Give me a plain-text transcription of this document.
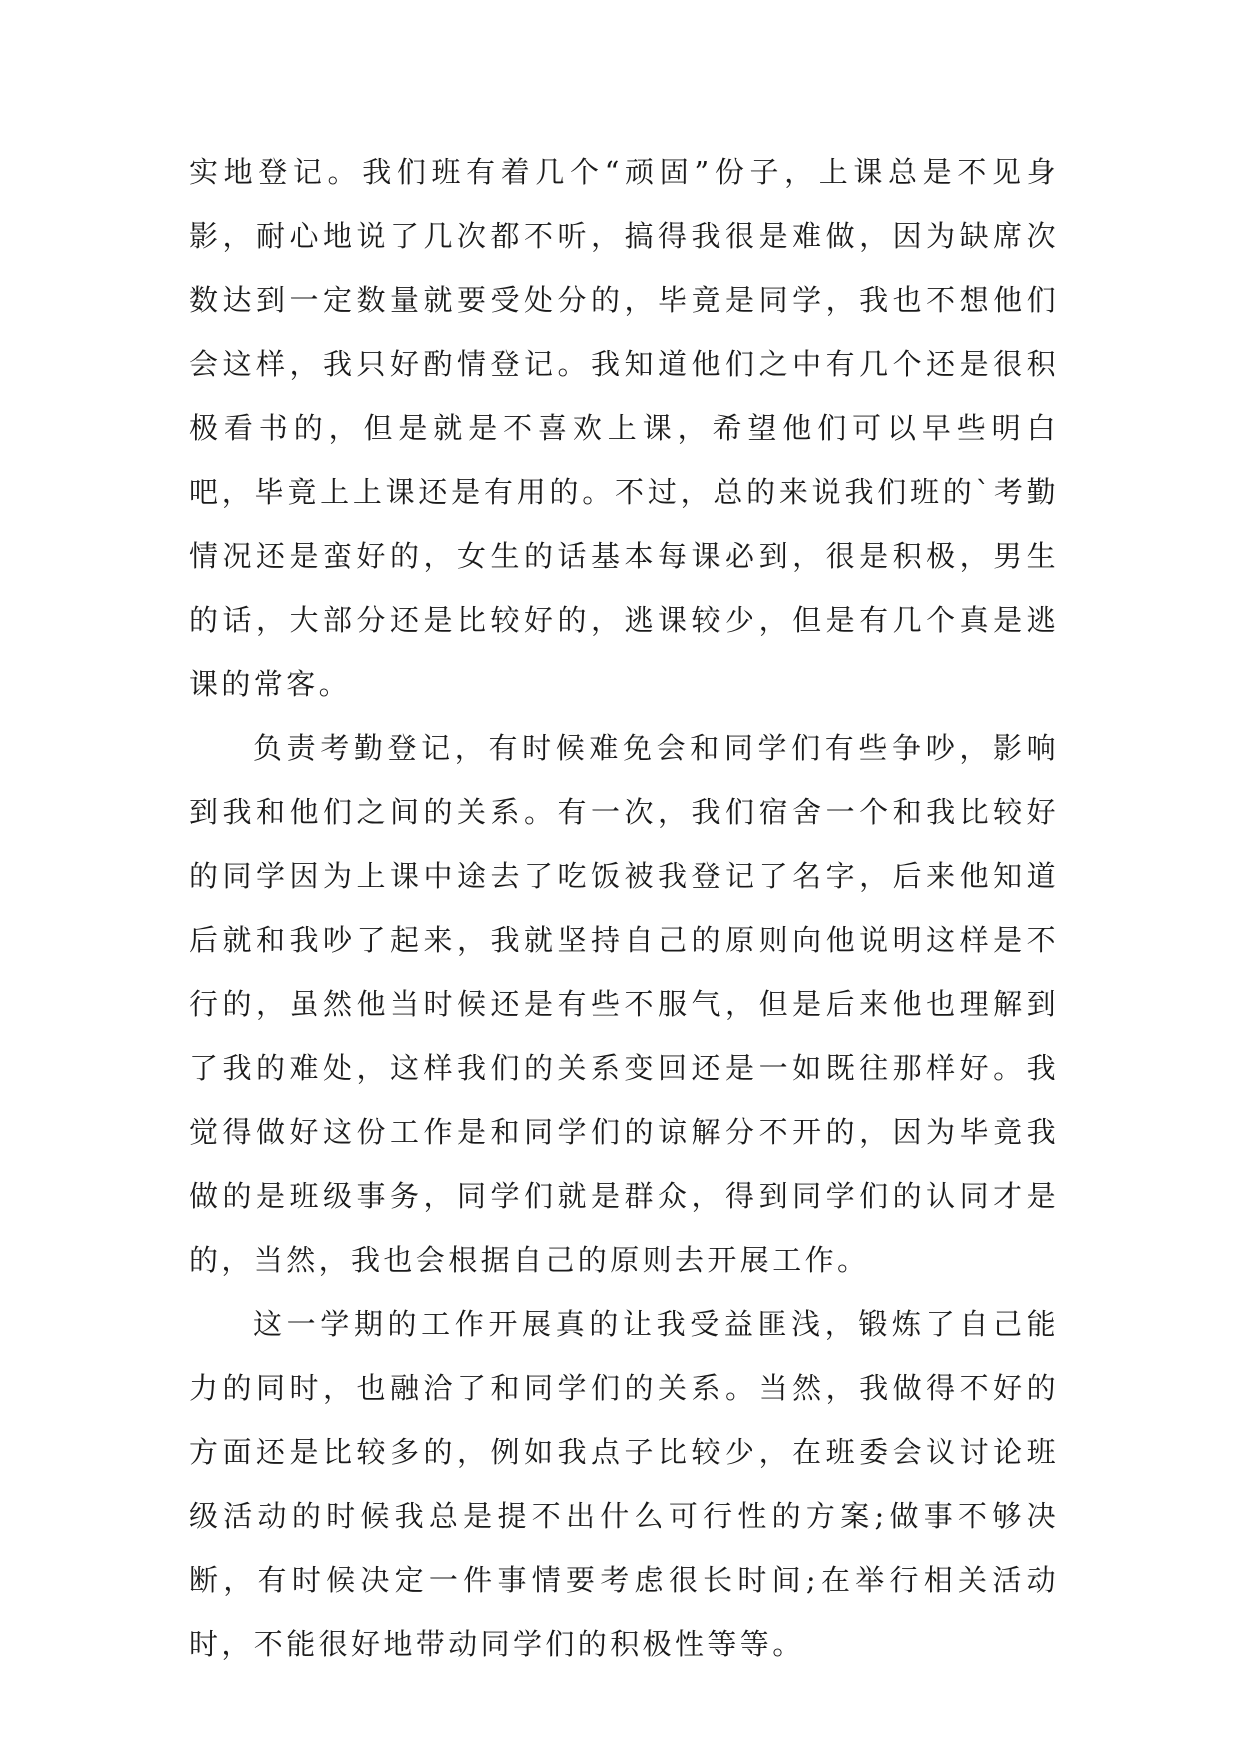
实地登记。我们班有着几个“顽固”份子，上课总是不见身影，耐心地说了几次都不听，搞得我很是难做，因为缺席次数达到一定数量就要受处分的，毕竟是同学，我也不想他们会这样，我只好酌情登记。我知道他们之中有几个还是很积极看书的，但是就是不喜欢上课，希望他们可以早些明白吧，毕竟上上课还是有用的。不过，总的来说我们班的`考勤情况还是蛮好的，女生的话基本每课必到，很是积极，男生的话，大部分还是比较好的，逃课较少，但是有几个真是逃课的常客。

负责考勤登记，有时候难免会和同学们有些争吵，影响到我和他们之间的关系。有一次，我们宿舍一个和我比较好的同学因为上课中途去了吃饭被我登记了名字，后来他知道后就和我吵了起来，我就坚持自己的原则向他说明这样是不行的，虽然他当时候还是有些不服气，但是后来他也理解到了我的难处，这样我们的关系变回还是一如既往那样好。我觉得做好这份工作是和同学们的谅解分不开的，因为毕竟我做的是班级事务，同学们就是群众，得到同学们的认同才是的，当然，我也会根据自己的原则去开展工作。

这一学期的工作开展真的让我受益匪浅，锻炼了自己能力的同时，也融洽了和同学们的关系。当然，我做得不好的方面还是比较多的，例如我点子比较少，在班委会议讨论班级活动的时候我总是提不出什么可行性的方案;做事不够决断，有时候决定一件事情要考虑很长时间;在举行相关活动时，不能很好地带动同学们的积极性等等。
